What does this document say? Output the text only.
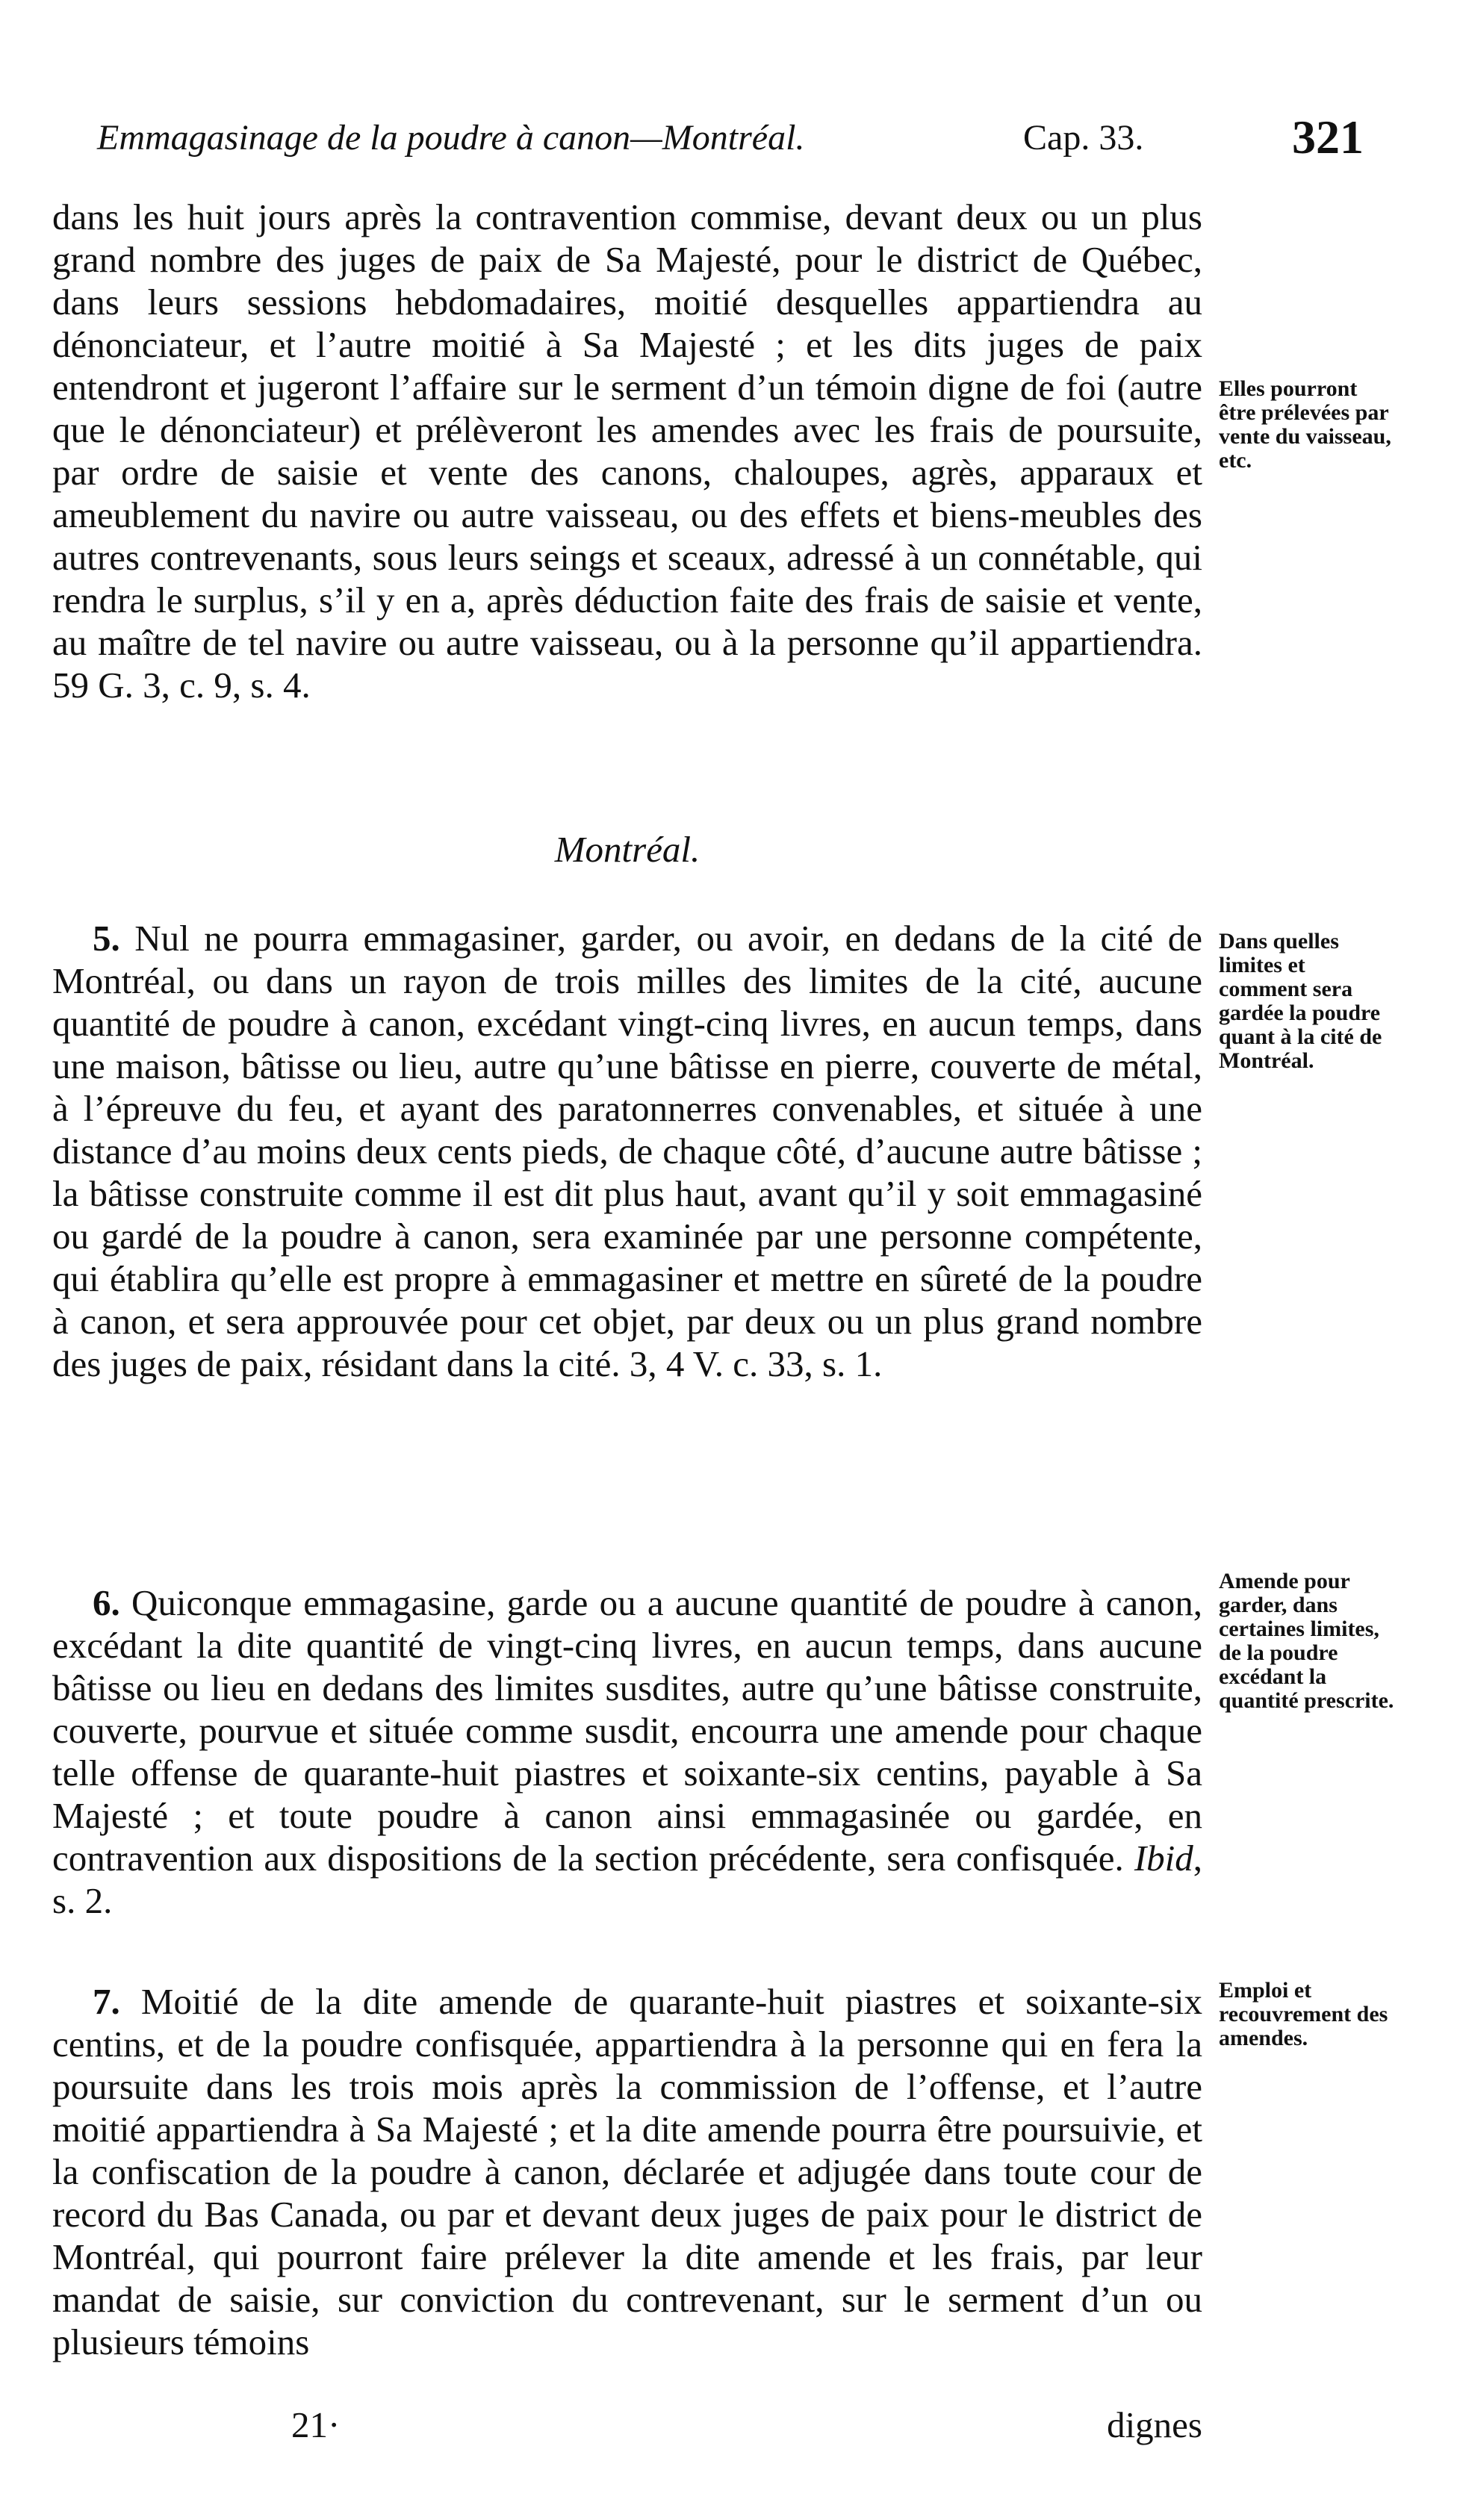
Emmagasinage de la poudre à canon—Montréal.	Cap. 33.	321

dans les huit jours après la contravention commise, devant deux ou un plus grand nombre des juges de paix de Sa Majesté, pour le district de Québec, dans leurs sessions hebdomadaires, moitié desquelles appartiendra au dénonciateur, et l’autre moitié à Sa Majesté ; et les dits juges de paix entendront et jugeront l’affaire sur le serment d’un témoin digne de foi (autre que le dénonciateur) et prélèveront les amendes avec les frais de poursuite, par ordre de saisie et vente des canons, chaloupes, agrès, apparaux et ameublement du navire ou autre vaisseau, ou des effets et biens-meubles des autres contrevenants, sous leurs seings et sceaux, adressé à un connétable, qui rendra le surplus, s’il y en a, après déduction faite des frais de saisie et vente, au maître de tel navire ou autre vaisseau, ou à la personne qu’il appartiendra. 59 G. 3, c. 9, s. 4.

Montréal.

5. Nul ne pourra emmagasiner, garder, ou avoir, en dedans de la cité de Montréal, ou dans un rayon de trois milles des limites de la cité, aucune quantité de poudre à canon, excédant vingt-cinq livres, en aucun temps, dans une maison, bâtisse ou lieu, autre qu’une bâtisse en pierre, couverte de métal, à l’épreuve du feu, et ayant des paratonnerres convenables, et située à une distance d’au moins deux cents pieds, de chaque côté, d’aucune autre bâtisse ; la bâtisse construite comme il est dit plus haut, avant qu’il y soit emmagasiné ou gardé de la poudre à canon, sera examinée par une personne compétente, qui établira qu’elle est propre à emmagasiner et mettre en sûreté de la poudre à canon, et sera approuvée pour cet objet, par deux ou un plus grand nombre des juges de paix, résidant dans la cité. 3, 4 V. c. 33, s. 1.

6. Quiconque emmagasine, garde ou a aucune quantité de poudre à canon, excédant la dite quantité de vingt-cinq livres, en aucun temps, dans aucune bâtisse ou lieu en dedans des limites susdites, autre qu’une bâtisse construite, couverte, pourvue et située comme susdit, encourra une amende pour chaque telle offense de quarante-huit piastres et soixante-six centins, payable à Sa Majesté ; et toute poudre à canon ainsi emmagasinée ou gardée, en contravention aux dispositions de la section précédente, sera confisquée. Ibid, s. 2.

7. Moitié de la dite amende de quarante-huit piastres et soixante-six centins, et de la poudre confisquée, appartiendra à la personne qui en fera la poursuite dans les trois mois après la commission de l’offense, et l’autre moitié appartiendra à Sa Majesté ; et la dite amende pourra être poursuivie, et la confiscation de la poudre à canon, déclarée et adjugée dans toute cour de record du Bas Canada, ou par et devant deux juges de paix pour le district de Montréal, qui pourront faire prélever la dite amende et les frais, par leur mandat de saisie, sur conviction du contrevenant, sur le serment d’un ou plusieurs témoins

Elles pourront être prélevées par vente du vaisseau, etc.
Dans quelles limites et comment sera gardée la poudre quant à la cité de Montréal.
Amende pour garder, dans certaines limites, de la poudre excédant la quantité prescrite.
Emploi et recouvrement des amendes.
21·	dignes
